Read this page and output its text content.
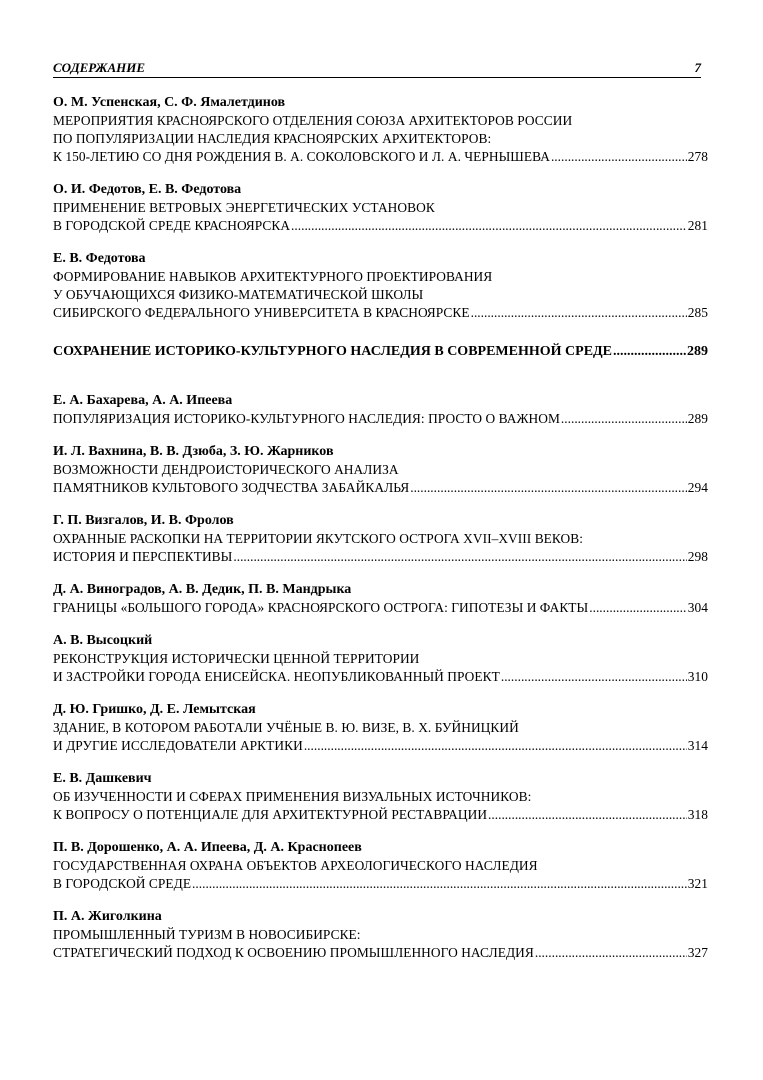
СОДЕРЖАНИЕ	7
О. М. Успенская, С. Ф. Ямалетдинов
МЕРОПРИЯТИЯ КРАСНОЯРСКОГО ОТДЕЛЕНИЯ СОЮЗА АРХИТЕКТОРОВ РОССИИ
ПО ПОПУЛЯРИЗАЦИИ НАСЛЕДИЯ КРАСНОЯРСКИХ АРХИТЕКТОРОВ:
К 150-ЛЕТИЮ СО ДНЯ РОЖДЕНИЯ В. А. СОКОЛОВСКОГО И Л. А. ЧЕРНЫШЕВА .....	278
О. И. Федотов, Е. В. Федотова
ПРИМЕНЕНИЕ ВЕТРОВЫХ ЭНЕРГЕТИЧЕСКИХ УСТАНОВОК
В ГОРОДСКОЙ СРЕДЕ КРАСНОЯРСКА .....	281
Е. В. Федотова
ФОРМИРОВАНИЕ НАВЫКОВ АРХИТЕКТУРНОГО ПРОЕКТИРОВАНИЯ
У ОБУЧАЮЩИХСЯ ФИЗИКО-МАТЕМАТИЧЕСКОЙ ШКОЛЫ
СИБИРСКОГО ФЕДЕРАЛЬНОГО УНИВЕРСИТЕТА В КРАСНОЯРСКЕ .....	285
СОХРАНЕНИЕ ИСТОРИКО-КУЛЬТУРНОГО НАСЛЕДИЯ В СОВРЕМЕННОЙ СРЕДЕ .....	289
Е. А. Бахарева, А. А. Ипеева
ПОПУЛЯРИЗАЦИЯ ИСТОРИКО-КУЛЬТУРНОГО НАСЛЕДИЯ: ПРОСТО О ВАЖНОМ .....	289
И. Л. Вахнина, В. В. Дзюба, З. Ю. Жарников
ВОЗМОЖНОСТИ ДЕНДРОИСТОРИЧЕСКОГО АНАЛИЗА
ПАМЯТНИКОВ КУЛЬТОВОГО ЗОДЧЕСТВА ЗАБАЙКАЛЬЯ .....	294
Г. П. Визгалов, И. В. Фролов
ОХРАННЫЕ РАСКОПКИ НА ТЕРРИТОРИИ ЯКУТСКОГО ОСТРОГА XVII–XVIII ВЕКОВ:
ИСТОРИЯ И ПЕРСПЕКТИВЫ .....	298
Д. А. Виноградов, А. В. Дедик, П. В. Мандрыка
ГРАНИЦЫ «БОЛЬШОГО ГОРОДА» КРАСНОЯРСКОГО ОСТРОГА: ГИПОТЕЗЫ И ФАКТЫ .....	304
А. В. Высоцкий
РЕКОНСТРУКЦИЯ ИСТОРИЧЕСКИ ЦЕННОЙ ТЕРРИТОРИИ
И ЗАСТРОЙКИ ГОРОДА ЕНИСЕЙСКА. НЕОПУБЛИКОВАННЫЙ ПРОЕКТ .....	310
Д. Ю. Гришко, Д. Е. Лемытская
ЗДАНИЕ, В КОТОРОМ РАБОТАЛИ УЧЁНЫЕ В. Ю. ВИЗЕ, В. Х. БУЙНИЦКИЙ
И ДРУГИЕ ИССЛЕДОВАТЕЛИ АРКТИКИ .....	314
Е. В. Дашкевич
ОБ ИЗУЧЕННОСТИ И СФЕРАХ ПРИМЕНЕНИЯ ВИЗУАЛЬНЫХ ИСТОЧНИКОВ:
К ВОПРОСУ О ПОТЕНЦИАЛЕ ДЛЯ АРХИТЕКТУРНОЙ РЕСТАВРАЦИИ .....	318
П. В. Дорошенко, А. А. Ипеева, Д. А. Краснопеев
ГОСУДАРСТВЕННАЯ ОХРАНА ОБЪЕКТОВ АРХЕОЛОГИЧЕСКОГО НАСЛЕДИЯ
В ГОРОДСКОЙ СРЕДЕ .....	321
П. А. Жиголкина
ПРОМЫШЛЕННЫЙ ТУРИЗМ В НОВОСИБИРСКЕ:
СТРАТЕГИЧЕСКИЙ ПОДХОД К ОСВОЕНИЮ ПРОМЫШЛЕННОГО НАСЛЕДИЯ .....	327
